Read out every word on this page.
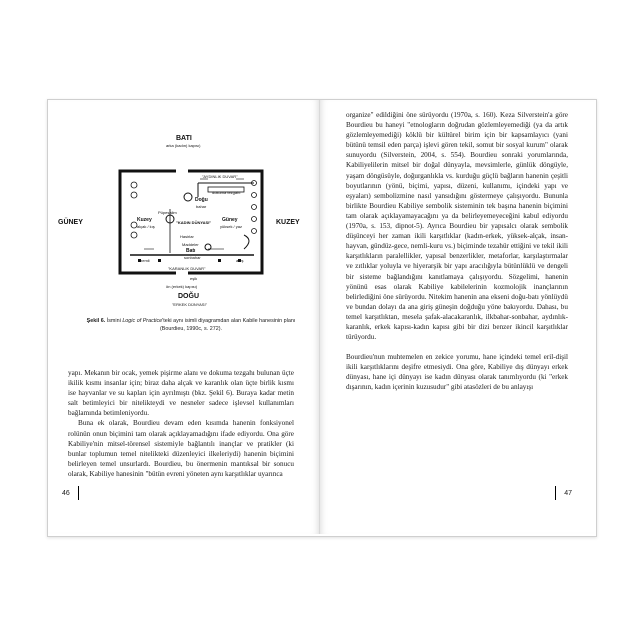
BATI
arka (kadın) kapısı)
"AYDINLIK DUVAR"
dokuma tezgahı
Doğu
bahar
GÜNEY	KUZEY
Kuzey
alçak / kış
Püpesalim
"KADIN DÜNYASI" Güney
yüksek / yaz
Hasirlar
Maddeler
Batı
sonbahar
nemli	ateş
"KARANLIK DUVAR"
eşik
ön (erkek) kapısı)
DOĞU
"ERKEK DÜNYASI"
Şekil 6. İsmini Logic of Practice'teki aynı isimli diyagramdan alan Kabile hanesinin planı (Bourdieu, 1990c, s. 272).

yapı. Mekanın bir ocak, yemek pişirme alanı ve dokuma tezgahı bulunan üçte ikilik kısmı insanlar için; biraz daha alçak ve karanlık olan üçte birlik kısmı ise hayvanlar ve su kapları için ayrılmıştı (bkz. Şekil 6). Buraya kadar metin salt betimleyici bir nitelikteydi ve nesneler sadece işlevsel kullanımları bağlamında betimleniyordu.

Buna ek olarak, Bourdieu devam eden kısımda hanenin fonksiyonel rolünün onun biçimini tam olarak açıklayamadığını ifade ediyordu. Ona göre Kabiliye'nin mitsel-törensel sistemiyle bağlantılı inançlar ve pratikler (ki bunlar toplumun temel nitelikteki düzenleyici ilkeleriydi) hanenin biçimini belirleyen temel unsurlardı. Bourdieu, bu önermenin mantıksal bir sonucu olarak, Kabiliye hanesinin "bütün evreni yöneten aynı karşıtlıklar uyarınca

46

organize" edildiğini öne sürüyordu (1970a, s. 160). Keza Silverstein'a göre Bourdieu bu haneyi "etnologların doğrudan gözlemleyemediği (ya da artık gözlemleyemediği) köklü bir kültürel birim için bir kapsamlayıcı (yani bütünü temsil eden parça) işlevi gören tekil, somut bir sosyal kurum" olarak sunuyordu (Silverstein, 2004, s. 554). Bourdieu sonraki yorumlarında, Kabiliyelilerin mitsel bir doğal dünyayla, mevsimlerle, günlük döngüyle, yaşam döngüsüyle, doğurganlıkla vs. kurduğu güçlü bağların hanenin çeşitli boyutlarının (yönü, biçimi, yapısı, düzeni, kullanımı, içindeki yapı ve eşyaları) sembolizmine nasıl yansıdığını göstermeye çalışıyordu. Bununla birlikte Bourdieu Kabiliye sembolik sisteminin tek başına hanenin biçimini tam olarak açıklayamayacağını ya da belirleyemeyeceğini kabul ediyordu (1970a, s. 153, dipnot-5). Ayrıca Bourdieu bir yapısalcı olarak sembolik düşünceyi her zaman ikili karşıtlıklar (kadın-erkek, yüksek-alçak, insan-hayvan, gündüz-gece, nemli-kuru vs.) biçiminde tezahür ettiğini ve tekil ikili karşıtlıkların paralellikler, yapısal benzerlikler, metaforlar, karşılaştırmalar ve zıtlıklar yoluyla ve hiyerarşik bir yapı aracılığıyla bütünlüklü ve dengeli bir sisteme bağlandığını kanıtlamaya çalışıyordu. Sözgelimi, hanenin yönünü esas olarak Kabiliye kabilelerinin kozmolojik inançlarının belirlediğini öne sürüyordu. Nitekim hanenin ana ekseni doğu-batı yönlüydü ve bundan dolayı da ana giriş güneşin doğduğu yöne bakıyordu. Dahası, bu temel karşıtlıktan, mesela şafak-alacakaranlık, ilkbahar-sonbahar, aydınlık-karanlık, erkek kapısı-kadın kapısı gibi bir dizi benzer ikincil karşıtlıklar türüyordu.

Bourdieu'nun muhtemelen en zekice yorumu, hane içindeki temel eril-dişil ikili karşıtlıklarını deşifre etmesiydi. Ona göre, Kabiliye dış dünyayı erkek dünyası, hane içi dünyayı ise kadın dünyası olarak tanımlıyordu (ki "erkek dışarının, kadın içerinin kuzusudur" gibi atasözleri de bu anlayışı

47
